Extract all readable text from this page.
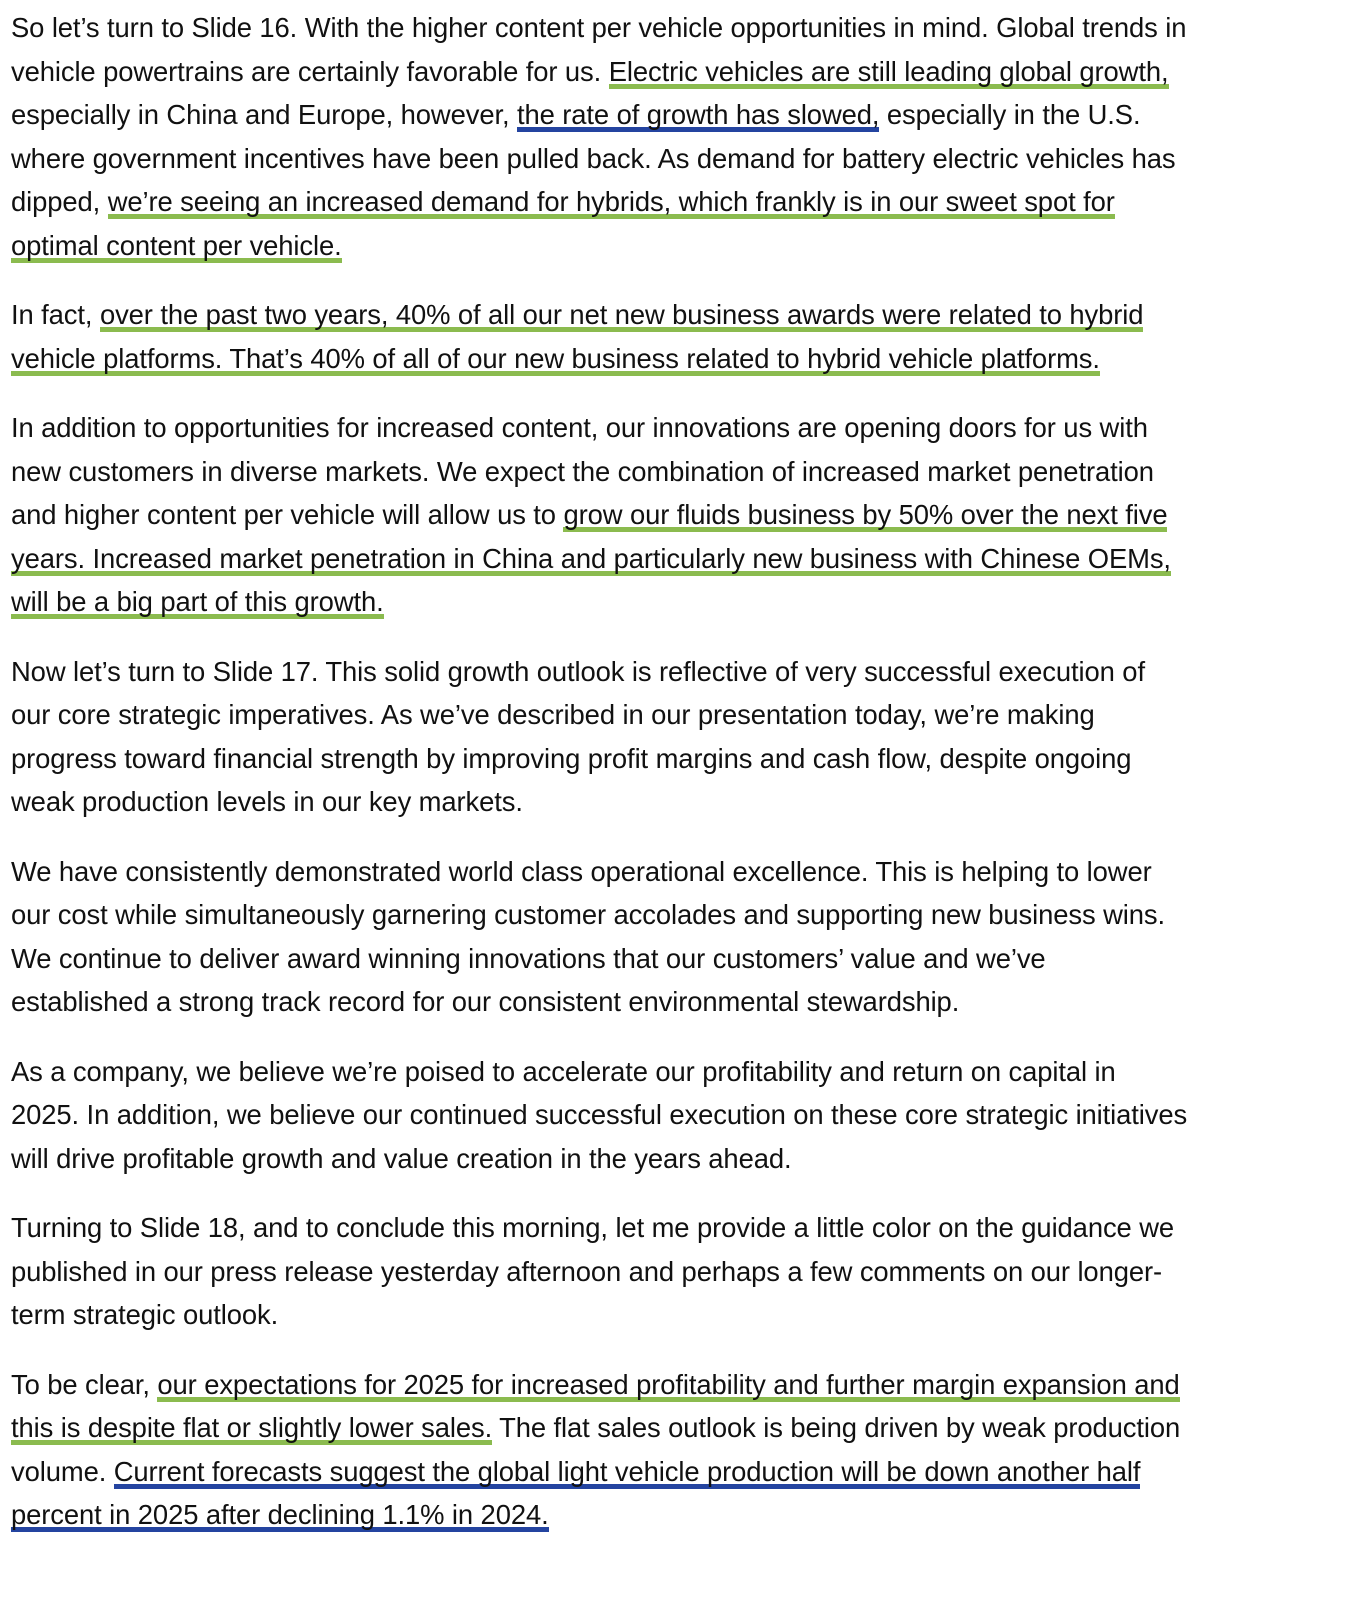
So let’s turn to Slide 16. With the higher content per vehicle opportunities in mind. Global trends in
vehicle powertrains are certainly favorable for us. Electric vehicles are still leading global growth,
especially in China and Europe, however, the rate of growth has slowed, especially in the U.S.
where government incentives have been pulled back. As demand for battery electric vehicles has
dipped, we’re seeing an increased demand for hybrids, which frankly is in our sweet spot for
optimal content per vehicle.

In fact, over the past two years, 40% of all our net new business awards were related to hybrid
vehicle platforms. That’s 40% of all of our new business related to hybrid vehicle platforms.

In addition to opportunities for increased content, our innovations are opening doors for us with
new customers in diverse markets. We expect the combination of increased market penetration
and higher content per vehicle will allow us to grow our fluids business by 50% over the next five
years. Increased market penetration in China and particularly new business with Chinese OEMs,
will be a big part of this growth.

Now let’s turn to Slide 17. This solid growth outlook is reflective of very successful execution of
our core strategic imperatives. As we’ve described in our presentation today, we’re making
progress toward financial strength by improving profit margins and cash flow, despite ongoing
weak production levels in our key markets.

We have consistently demonstrated world class operational excellence. This is helping to lower
our cost while simultaneously garnering customer accolades and supporting new business wins.
We continue to deliver award winning innovations that our customers’ value and we’ve
established a strong track record for our consistent environmental stewardship.

As a company, we believe we’re poised to accelerate our profitability and return on capital in
2025. In addition, we believe our continued successful execution on these core strategic initiatives
will drive profitable growth and value creation in the years ahead.

Turning to Slide 18, and to conclude this morning, let me provide a little color on the guidance we
published in our press release yesterday afternoon and perhaps a few comments on our longer-
term strategic outlook.

To be clear, our expectations for 2025 for increased profitability and further margin expansion and
this is despite flat or slightly lower sales. The flat sales outlook is being driven by weak production
volume. Current forecasts suggest the global light vehicle production will be down another half
percent in 2025 after declining 1.1% in 2024.
